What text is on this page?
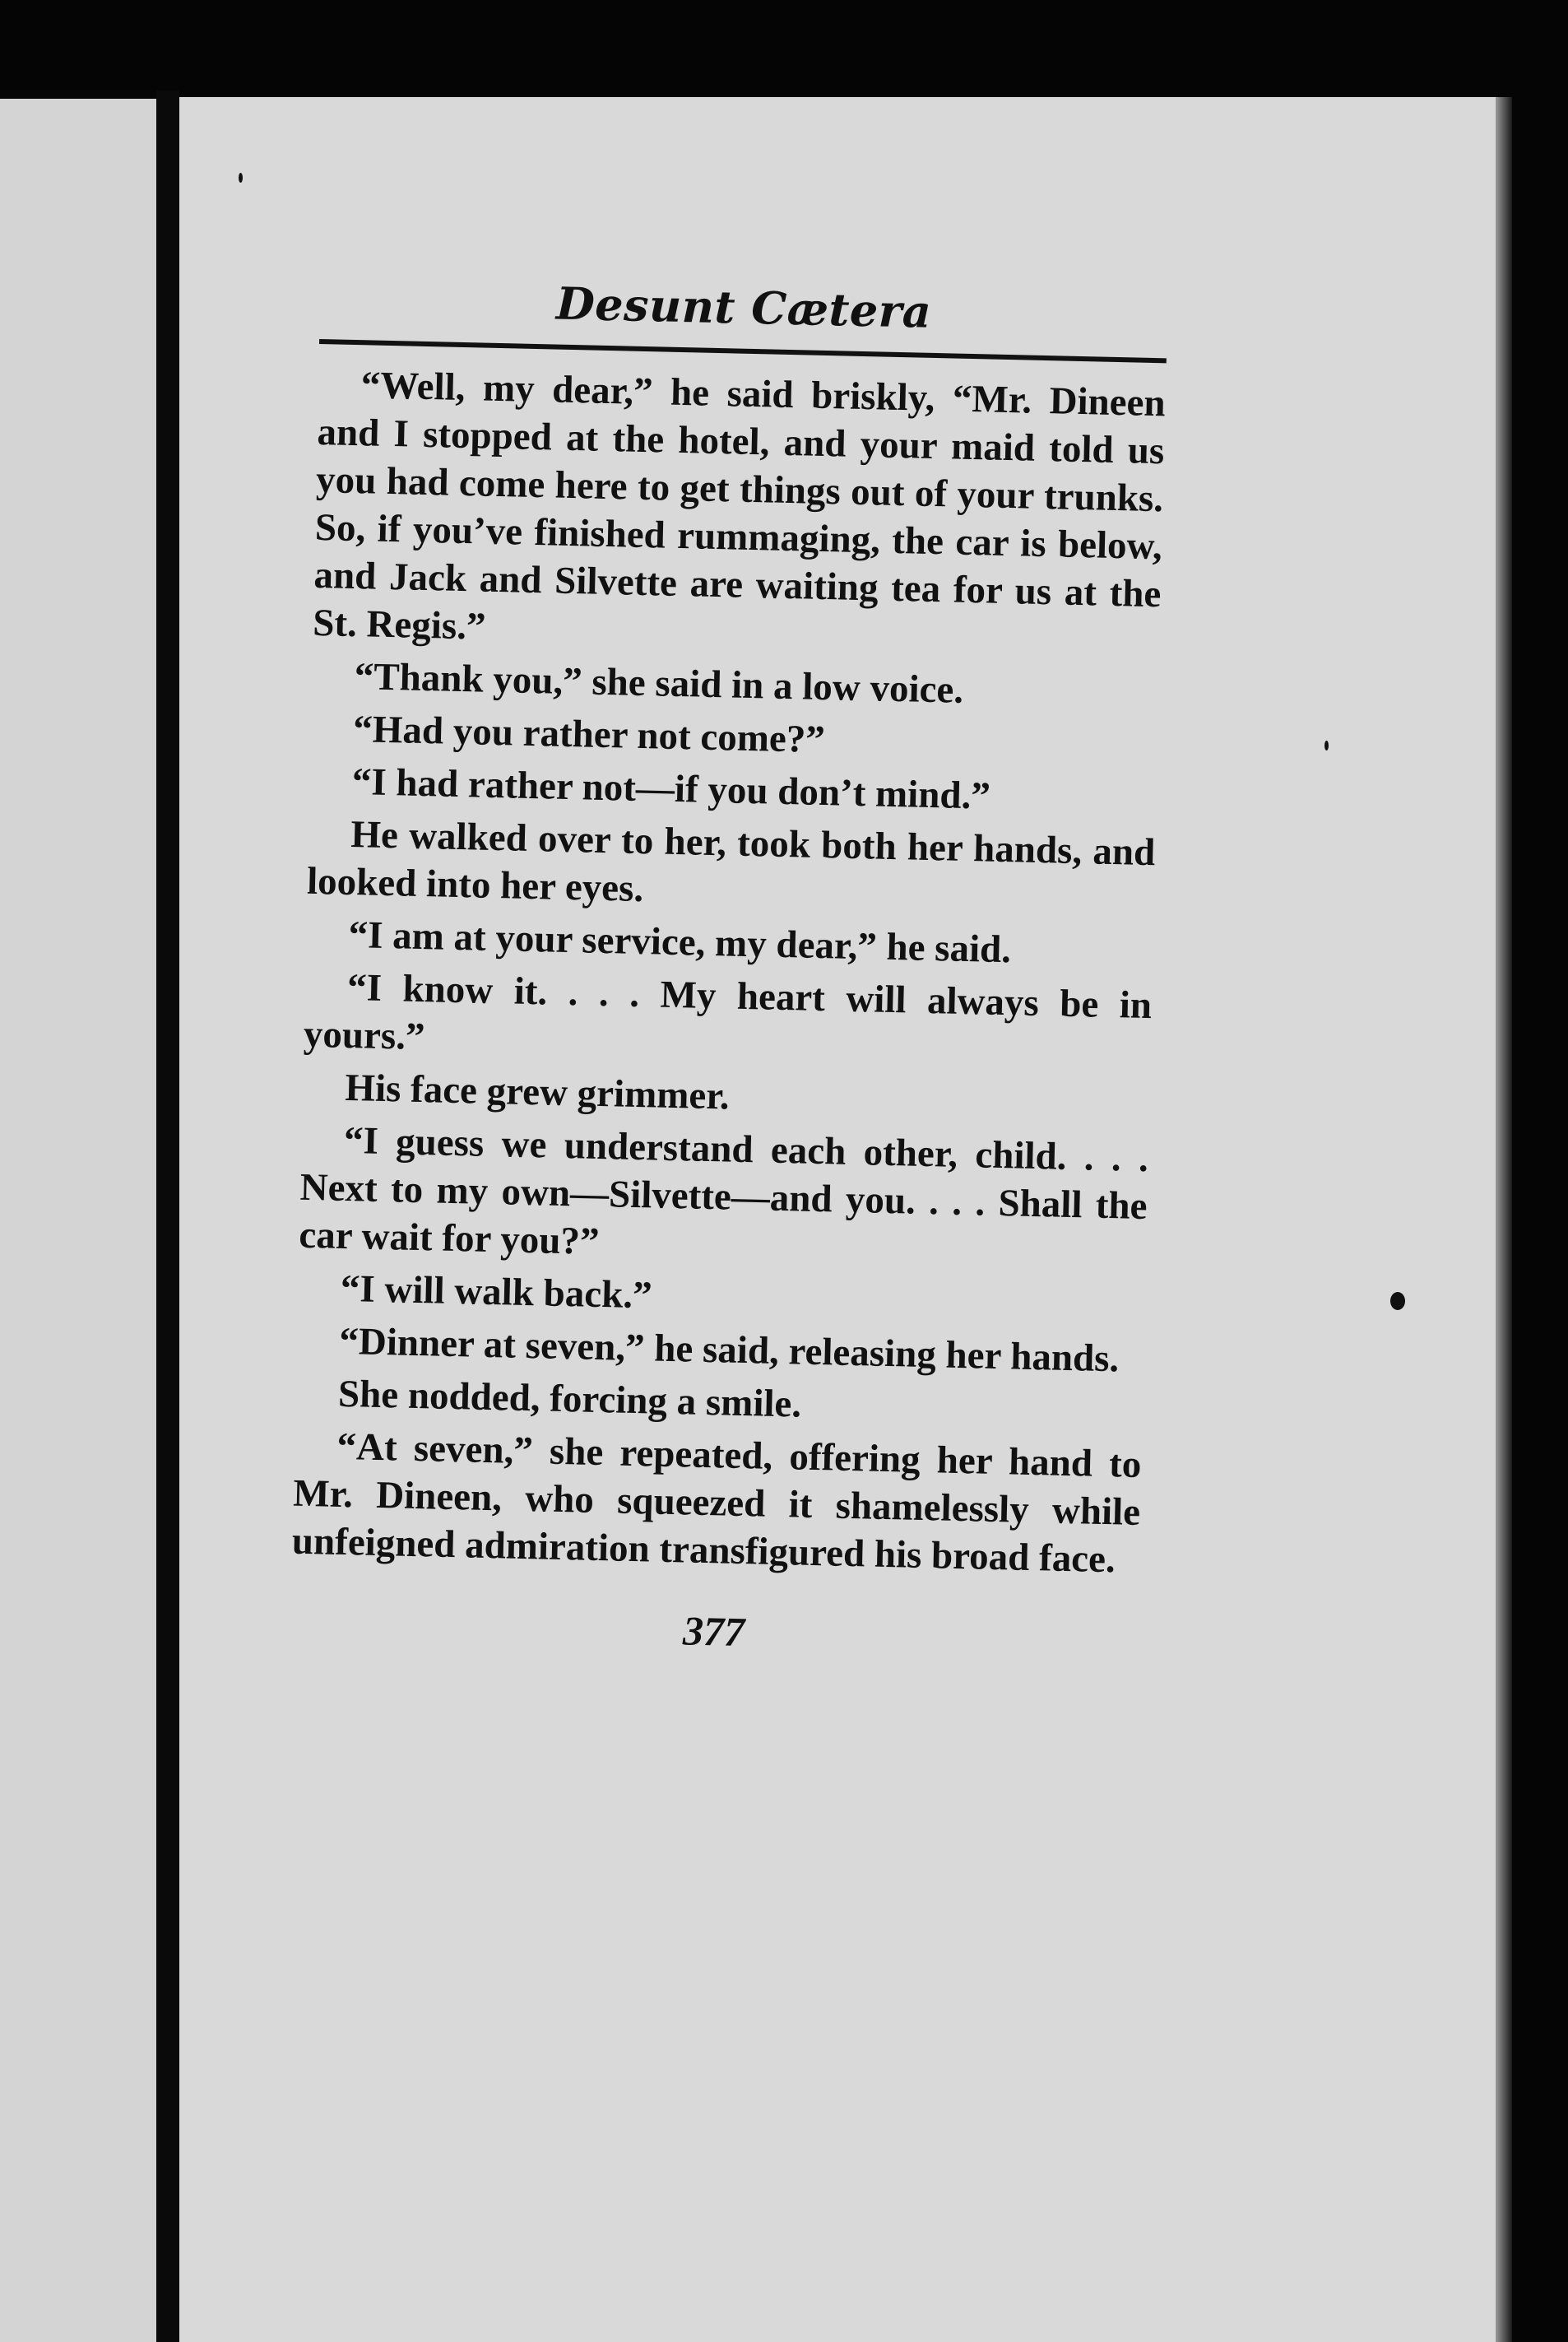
Desunt Cætera

“Well, my dear,” he said briskly, “Mr. Dineen and I stopped at the hotel, and your maid told us you had come here to get things out of your trunks. So, if you’ve finished rummaging, the car is below, and Jack and Silvette are waiting tea for us at the St. Regis.”

“Thank you,” she said in a low voice.

“Had you rather not come?”

“I had rather not—if you don’t mind.”

He walked over to her, took both her hands, and looked into her eyes.

“I am at your service, my dear,” he said.

“I know it. . . . My heart will always be in yours.”

His face grew grimmer.

“I guess we understand each other, child. . . . Next to my own—Silvette—and you. . . . Shall the car wait for you?”

“I will walk back.”

“Dinner at seven,” he said, releasing her hands.

She nodded, forcing a smile.

“At seven,” she repeated, offering her hand to Mr. Dineen, who squeezed it shamelessly while unfeigned admiration transfigured his broad face.

377
